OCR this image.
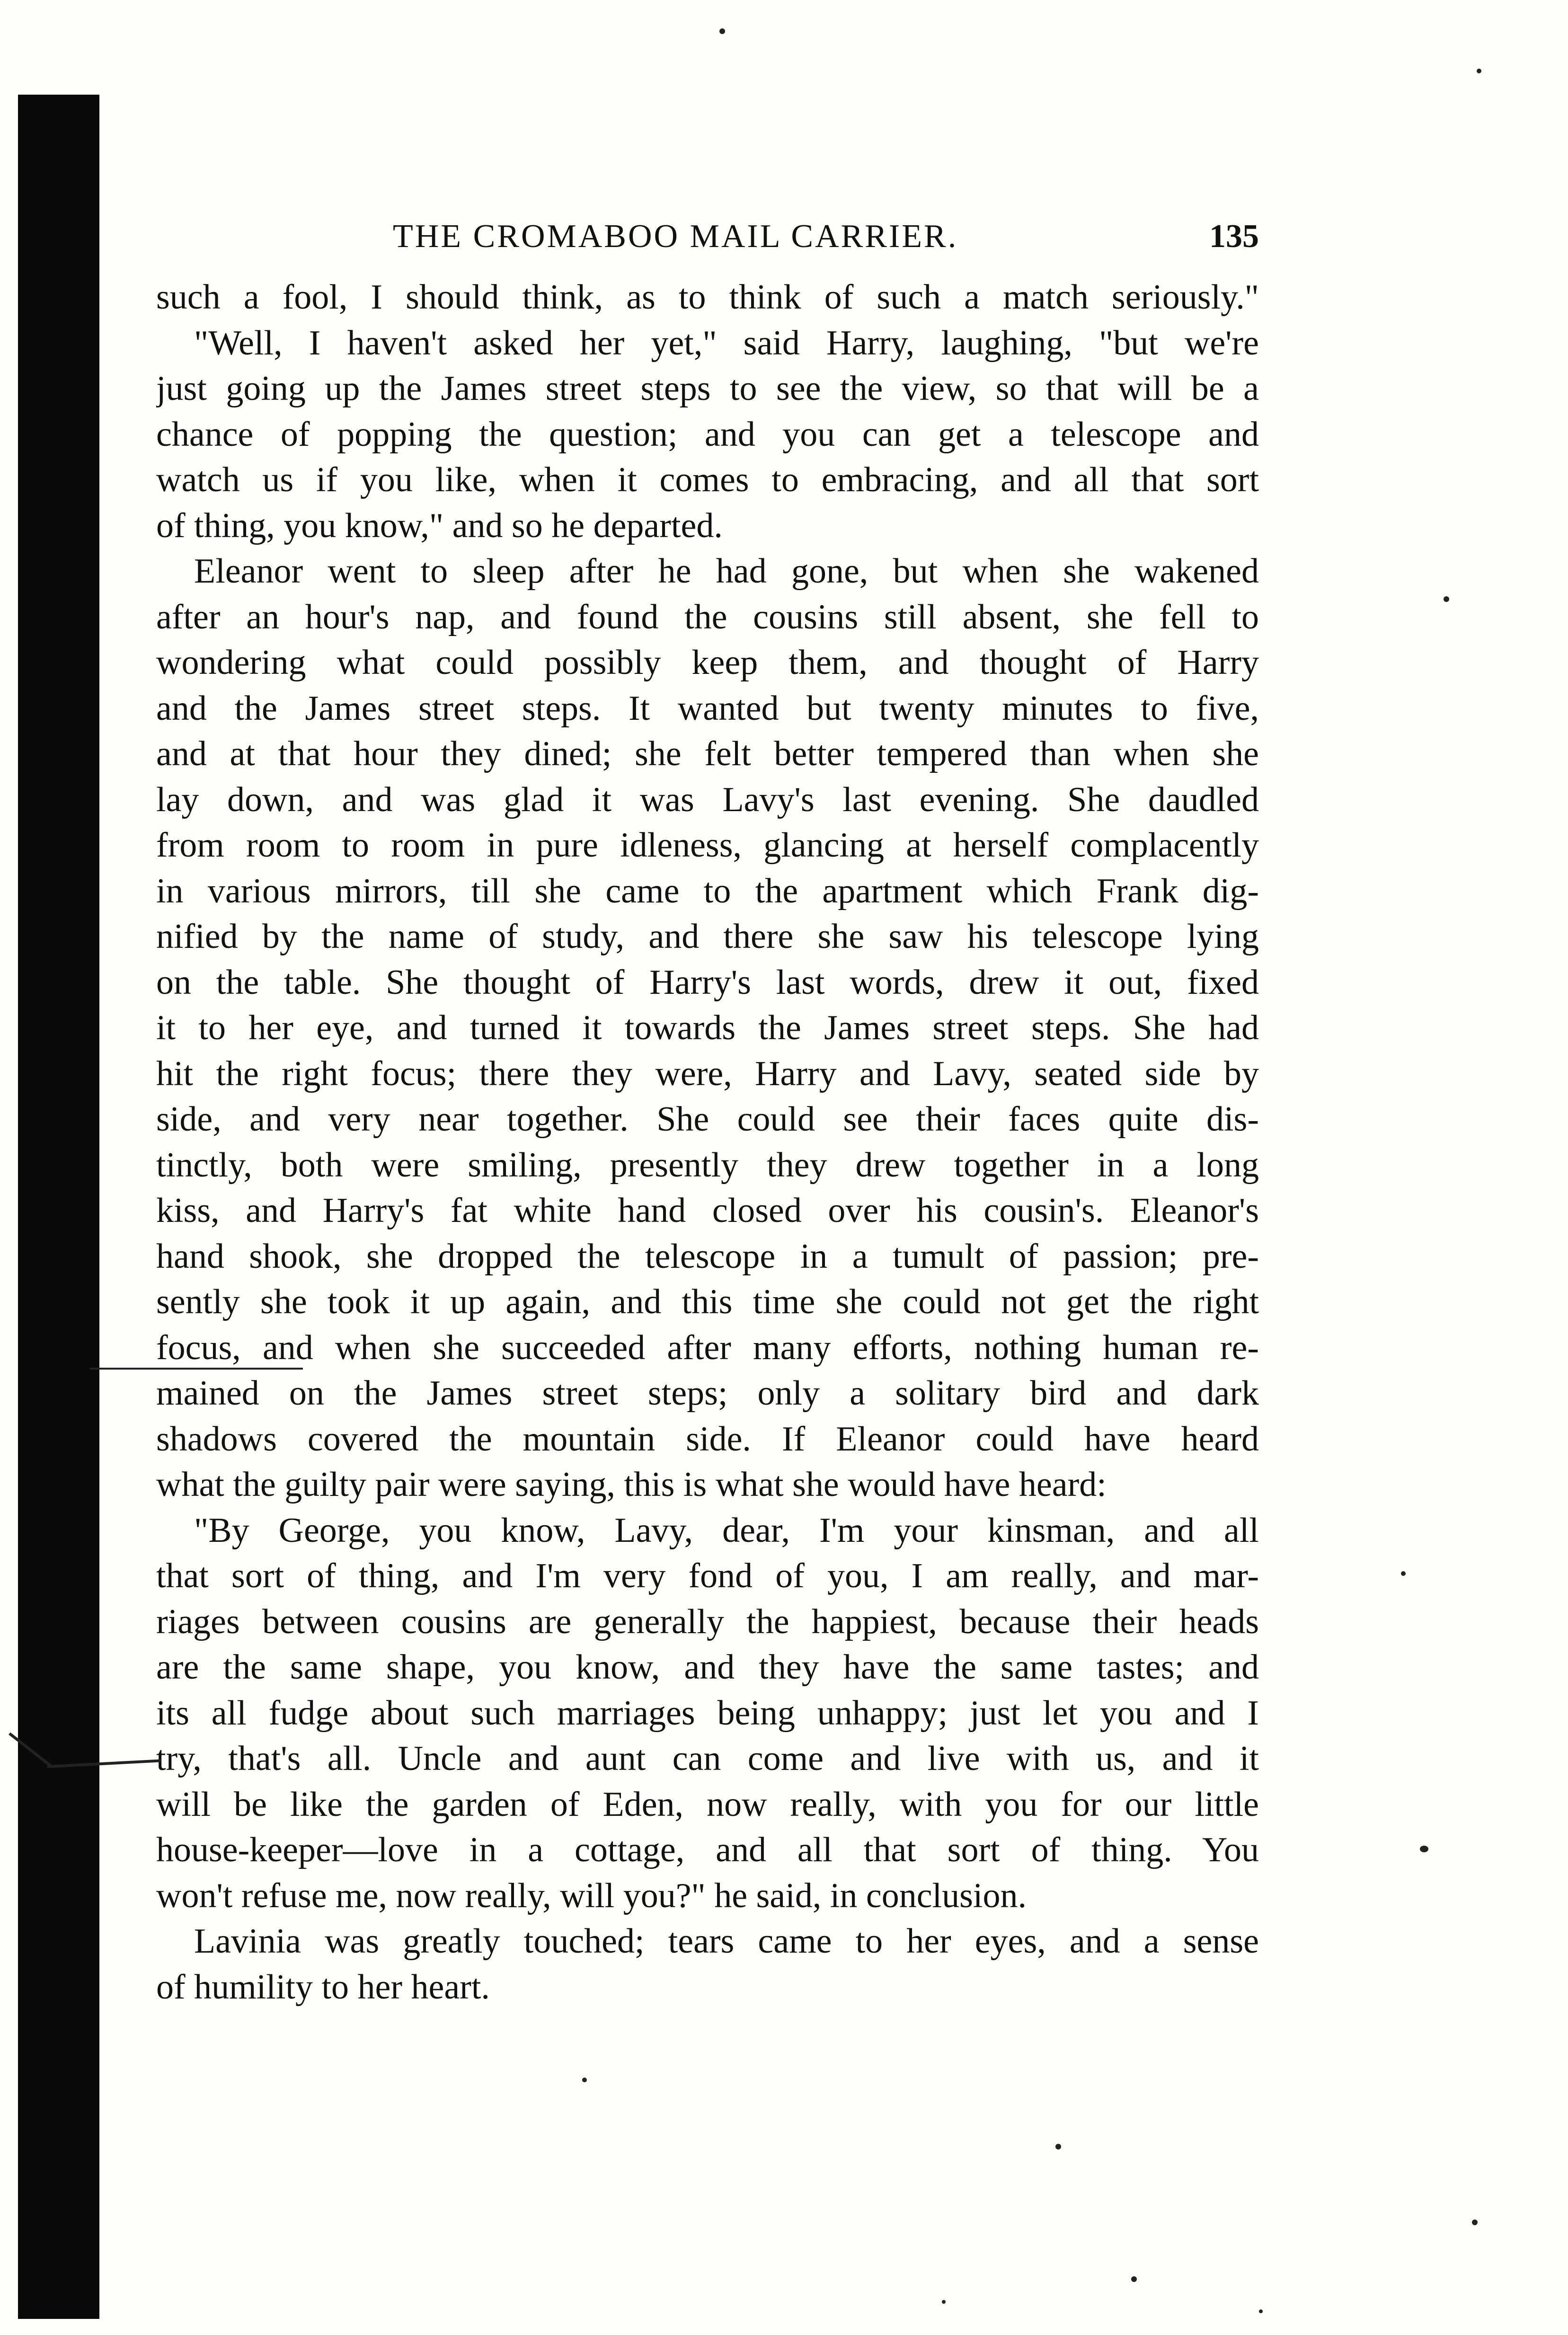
THE CROMABOO MAIL CARRIER.	135
such a fool, I should think, as to think of such a match seriously."
"Well, I haven't asked her yet," said Harry, laughing, "but we're
just going up the James street steps to see the view, so that will be a
chance of popping the question; and you can get a telescope and
watch us if you like, when it comes to embracing, and all that sort
of thing, you know," and so he departed.
Eleanor went to sleep after he had gone, but when she wakened
after an hour's nap, and found the cousins still absent, she fell to
wondering what could possibly keep them, and thought of Harry
and the James street steps. It wanted but twenty minutes to five,
and at that hour they dined; she felt better tempered than when she
lay down, and was glad it was Lavy's last evening. She daudled
from room to room in pure idleness, glancing at herself complacently
in various mirrors, till she came to the apartment which Frank dig-
nified by the name of study, and there she saw his telescope lying
on the table. She thought of Harry's last words, drew it out, fixed
it to her eye, and turned it towards the James street steps. She had
hit the right focus; there they were, Harry and Lavy, seated side by
side, and very near together. She could see their faces quite dis-
tinctly, both were smiling, presently they drew together in a long
kiss, and Harry's fat white hand closed over his cousin's. Eleanor's
hand shook, she dropped the telescope in a tumult of passion; pre-
sently she took it up again, and this time she could not get the right
focus, and when she succeeded after many efforts, nothing human re-
mained on the James street steps; only a solitary bird and dark
shadows covered the mountain side. If Eleanor could have heard
what the guilty pair were saying, this is what she would have heard:
"By George, you know, Lavy, dear, I'm your kinsman, and all
that sort of thing, and I'm very fond of you, I am really, and mar-
riages between cousins are generally the happiest, because their heads
are the same shape, you know, and they have the same tastes; and
its all fudge about such marriages being unhappy; just let you and I
try, that's all. Uncle and aunt can come and live with us, and it
will be like the garden of Eden, now really, with you for our little
house-keeper—love in a cottage, and all that sort of thing. You
won't refuse me, now really, will you?" he said, in conclusion.
Lavinia was greatly touched; tears came to her eyes, and a sense
of humility to her heart.
